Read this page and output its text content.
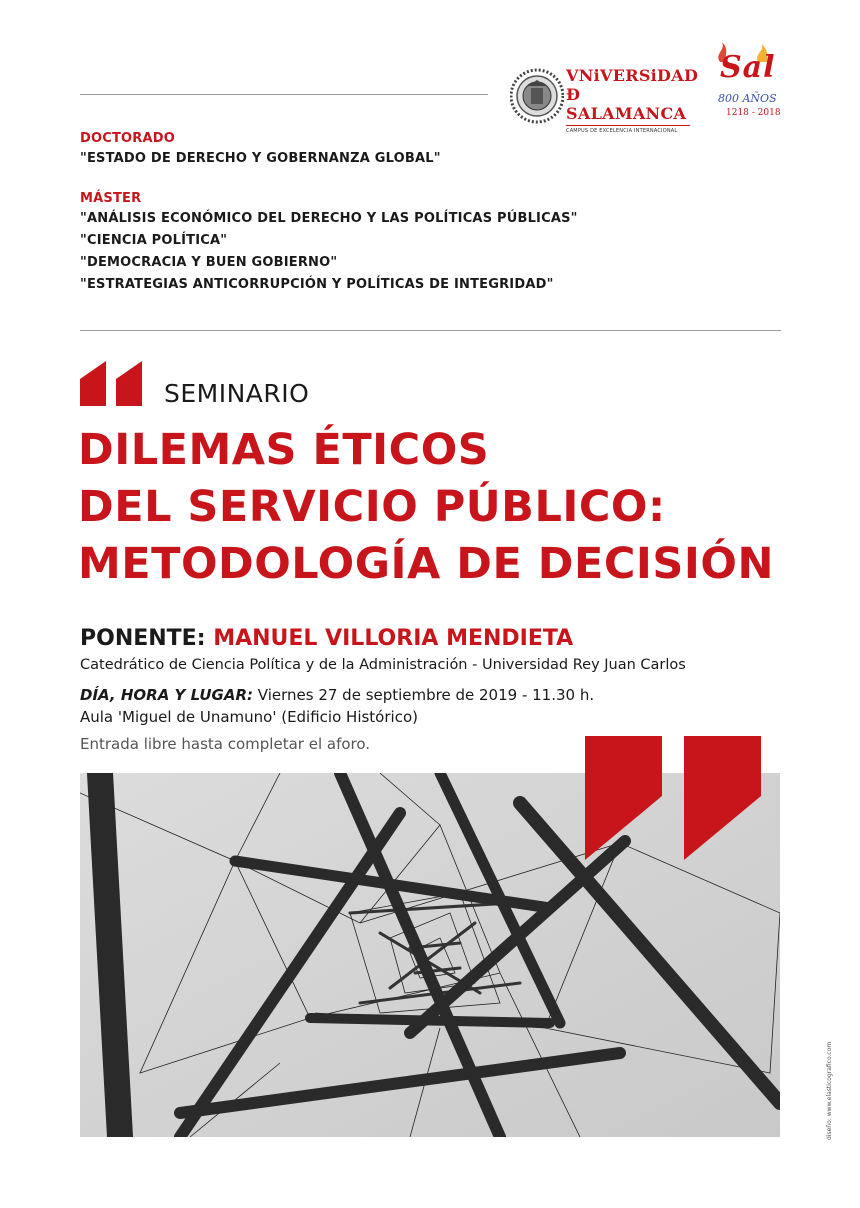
VNiVERSiDAD
Ð SALAMANCA
CAMPUS DE EXCELENCIA INTERNACIONAL
Sal
800 AÑOS
1218 - 2018
DOCTORADO
"ESTADO DE DERECHO Y GOBERNANZA GLOBAL"
MÁSTER
"ANÁLISIS ECONÓMICO DEL DERECHO Y LAS POLÍTICAS PÚBLICAS"
"CIENCIA POLÍTICA"
"DEMOCRACIA Y BUEN GOBIERNO"
"ESTRATEGIAS ANTICORRUPCIÓN Y POLÍTICAS DE INTEGRIDAD"
SEMINARIO
DILEMAS ÉTICOS
DEL SERVICIO PÚBLICO:
METODOLOGÍA DE DECISIÓN
PONENTE: MANUEL VILLORIA MENDIETA
Catedrático de Ciencia Política y de la Administración - Universidad Rey Juan Carlos
DÍA, HORA Y LUGAR: Viernes 27 de septiembre de 2019 - 11.30 h.
Aula 'Miguel de Unamuno' (Edificio Histórico)
Entrada libre hasta completar el aforo.
diseño: www.elasticografico.com
